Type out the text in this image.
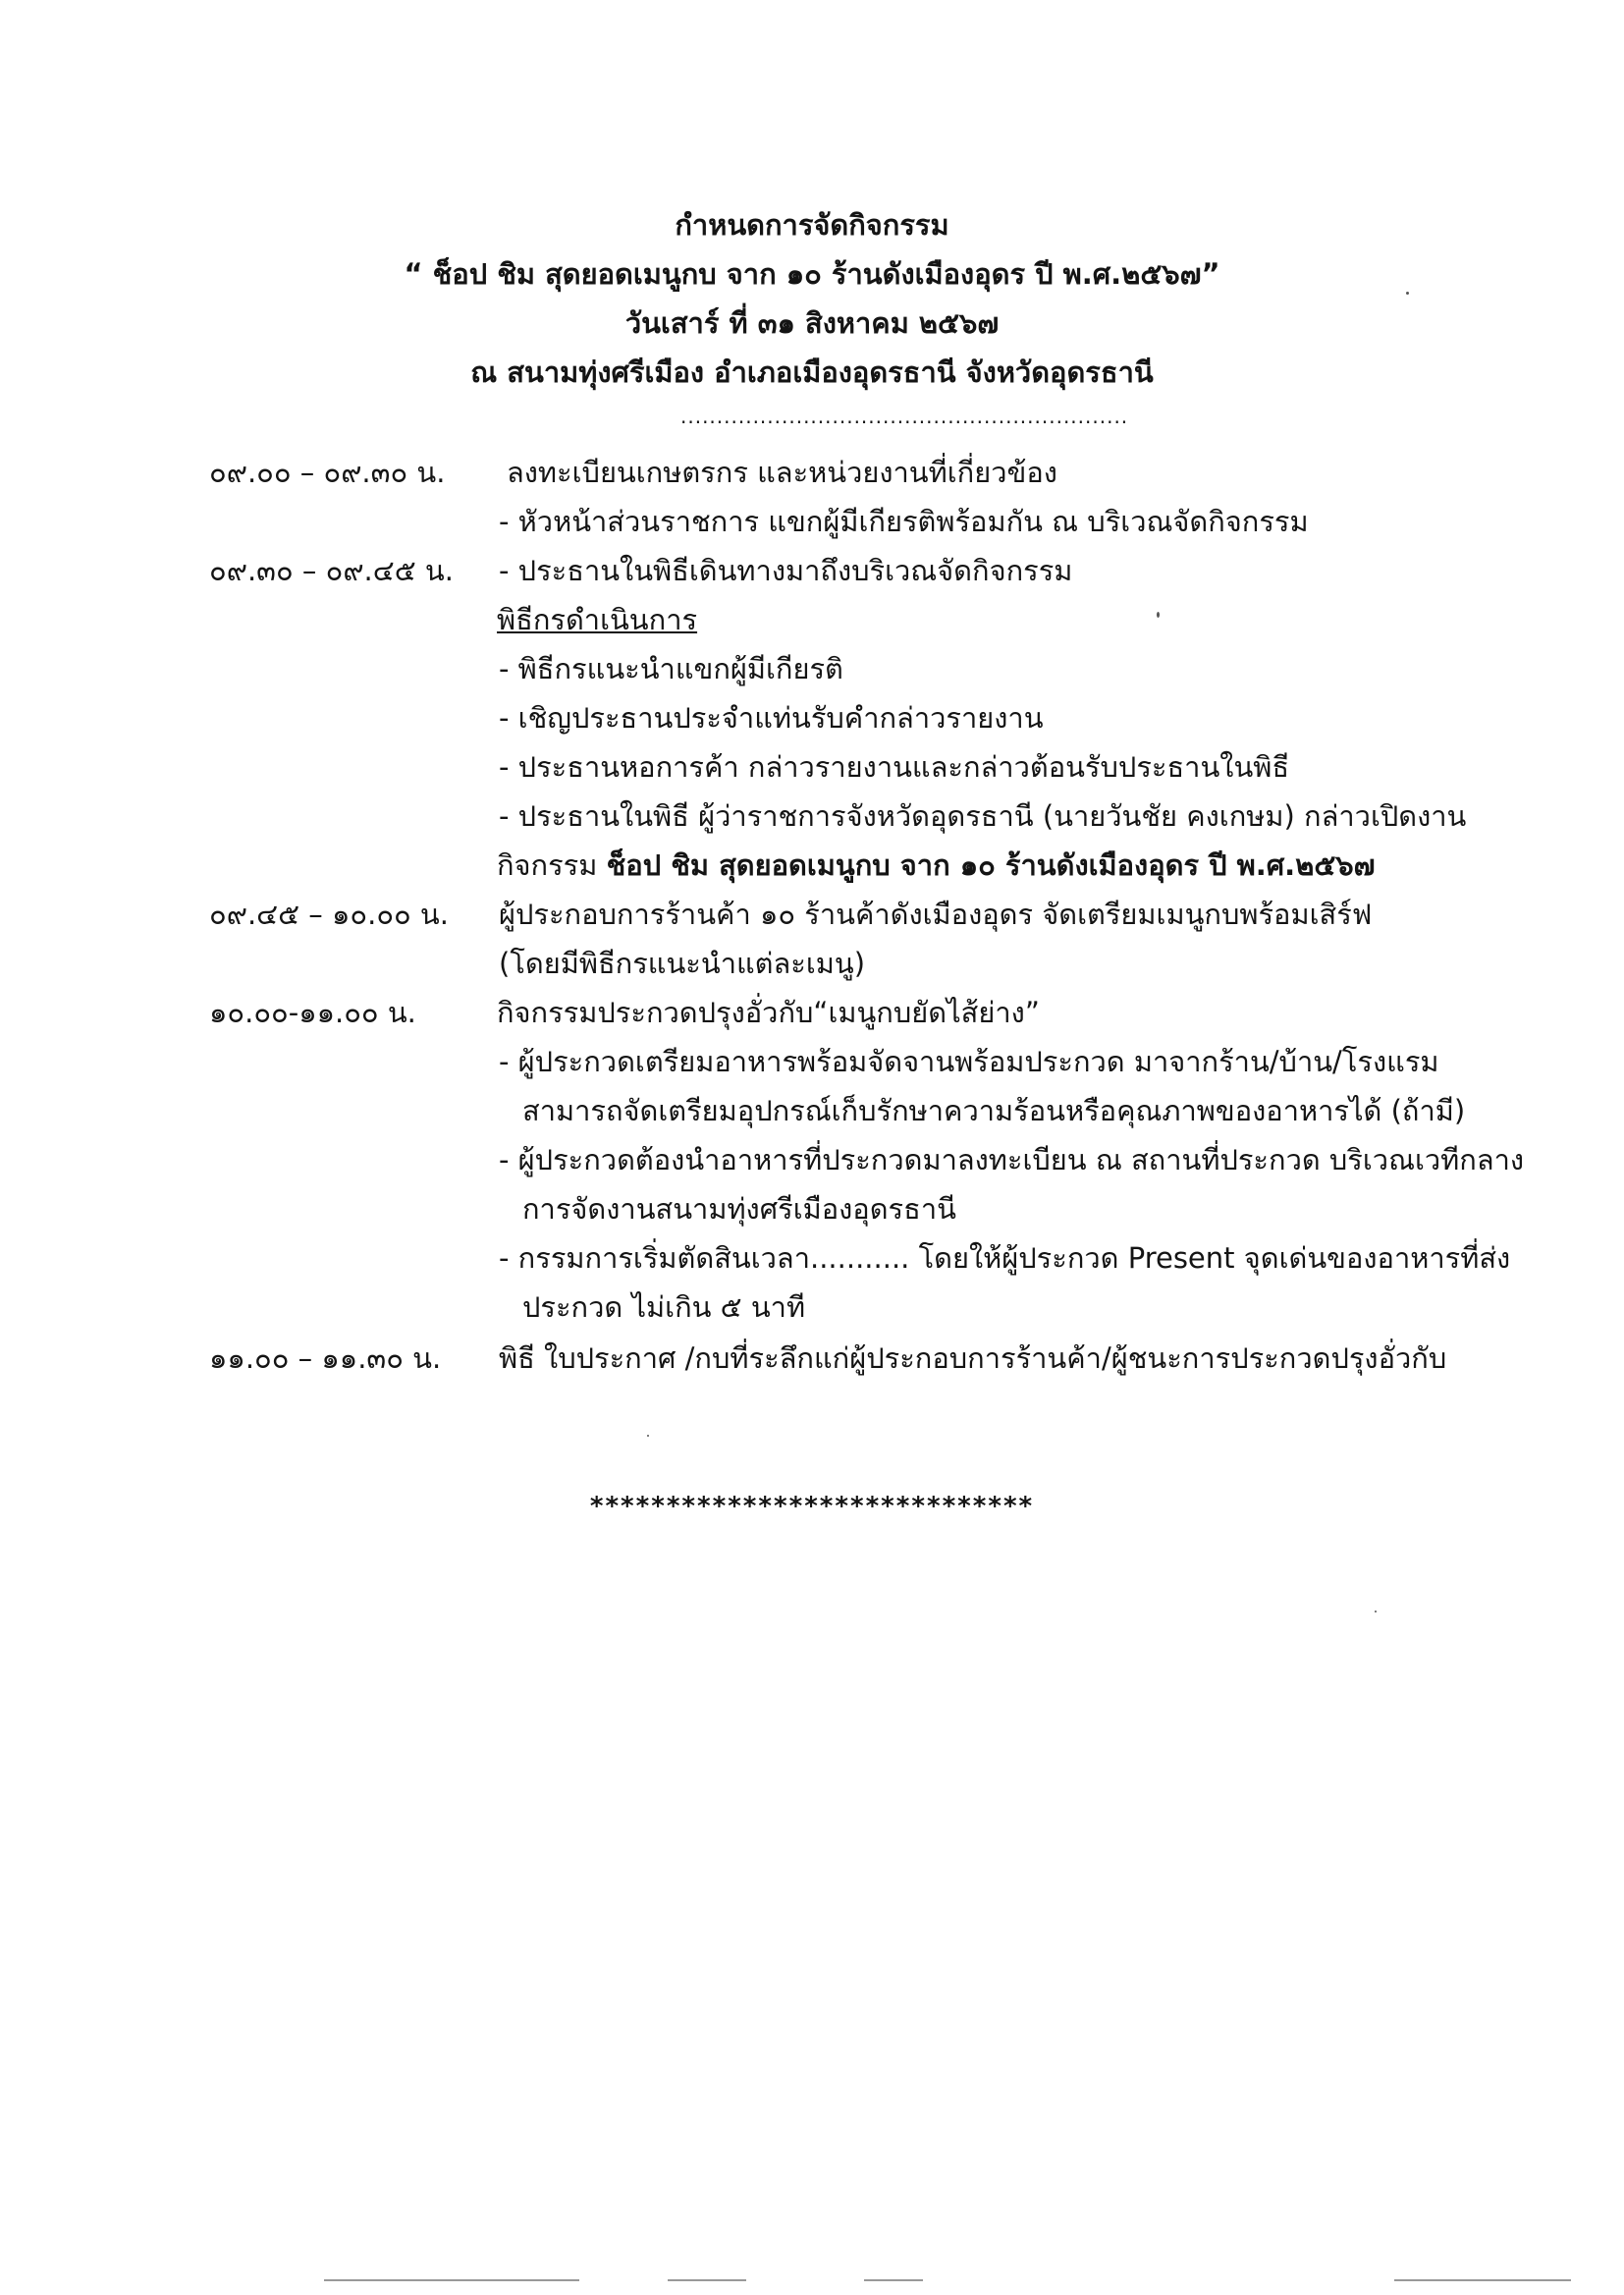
กำหนดการจัดกิจกรรม
“ ช็อป ชิม สุดยอดเมนูกบ จาก ๑๐ ร้านดังเมืองอุดร ปี พ.ศ.๒๕๖๗”
วันเสาร์ ที่ ๓๑ สิงหาคม ๒๕๖๗
ณ สนามทุ่งศรีเมือง อำเภอเมืองอุดรธานี จังหวัดอุดรธานี
..............................................................
๐๙.๐๐ – ๐๙.๓๐ น. ลงทะเบียนเกษตรกร และหน่วยงานที่เกี่ยวข้อง
- หัวหน้าส่วนราชการ แขกผู้มีเกียรติพร้อมกัน ณ บริเวณจัดกิจกรรม
๐๙.๓๐ – ๐๙.๔๕ น. - ประธานในพิธีเดินทางมาถึงบริเวณจัดกิจกรรม
พิธีกรดำเนินการ
- พิธีกรแนะนำแขกผู้มีเกียรติ
- เชิญประธานประจำแท่นรับคำกล่าวรายงาน
- ประธานหอการค้า กล่าวรายงานและกล่าวต้อนรับประธานในพิธี
- ประธานในพิธี ผู้ว่าราชการจังหวัดอุดรธานี (นายวันชัย คงเกษม) กล่าวเปิดงาน
กิจกรรม ช็อป ชิม สุดยอดเมนูกบ จาก ๑๐ ร้านดังเมืองอุดร ปี พ.ศ.๒๕๖๗
๐๙.๔๕ – ๑๐.๐๐ น. ผู้ประกอบการร้านค้า ๑๐ ร้านค้าดังเมืองอุดร จัดเตรียมเมนูกบพร้อมเสิร์ฟ
(โดยมีพิธีกรแนะนำแต่ละเมนู)
๑๐.๐๐-๑๑.๐๐ น.	กิจกรรมประกวดปรุงอั่วกับ“เมนูกบยัดไส้ย่าง”
- ผู้ประกวดเตรียมอาหารพร้อมจัดจานพร้อมประกวด มาจากร้าน/บ้าน/โรงแรม
สามารถจัดเตรียมอุปกรณ์เก็บรักษาความร้อนหรือคุณภาพของอาหารได้ (ถ้ามี)
- ผู้ประกวดต้องนำอาหารที่ประกวดมาลงทะเบียน ณ สถานที่ประกวด บริเวณเวทีกลาง
การจัดงานสนามทุ่งศรีเมืองอุดรธานี
- กรรมการเริ่มตัดสินเวลา........... โดยให้ผู้ประกวด Present จุดเด่นของอาหารที่ส่ง
ประกวด ไม่เกิน ๕ นาที
๑๑.๐๐ – ๑๑.๓๐ น. พิธี ใบประกาศ /กบที่ระลึกแก่ผู้ประกอบการร้านค้า/ผู้ชนะการประกวดปรุงอั่วกับ
*****************************
